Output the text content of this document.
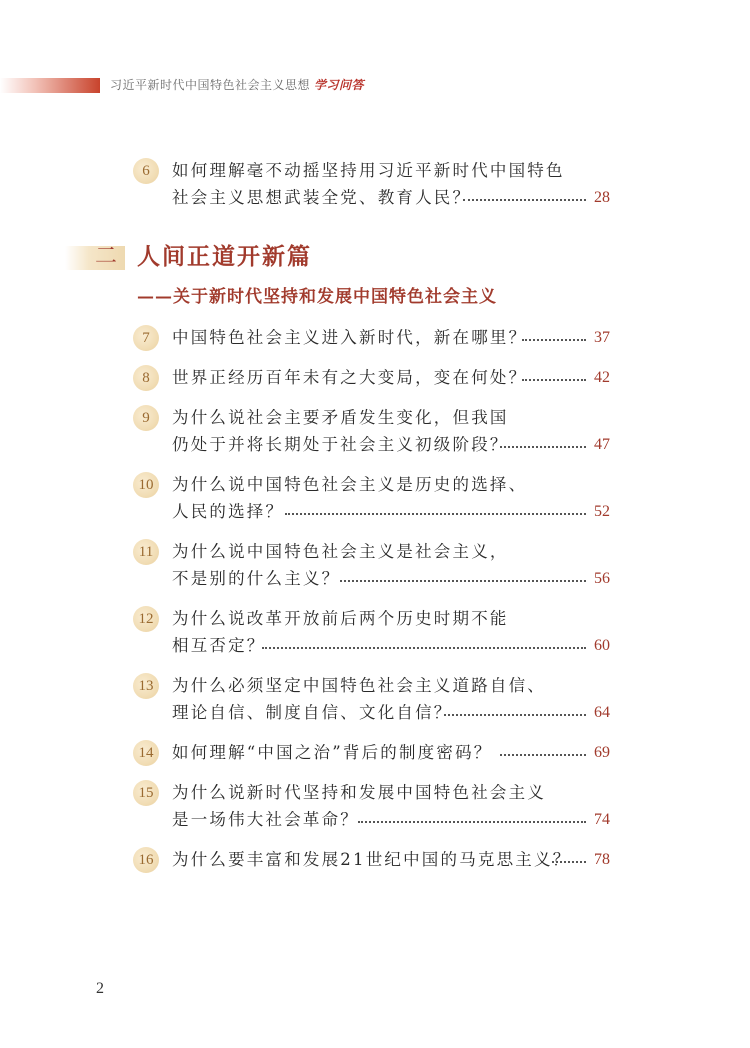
习近平新时代中国特色社会主义思想 学习问答
6	如何理解毫不动摇坚持用习近平新时代中国特色
社会主义思想武装全党、教育人民？	28
二 人间正道开新篇
——关于新时代坚持和发展中国特色社会主义
7	中国特色社会主义进入新时代，新在哪里？	37
8	世界正经历百年未有之大变局，变在何处？	42
9	为什么说社会主要矛盾发生变化，但我国
仍处于并将长期处于社会主义初级阶段？	47
10	为什么说中国特色社会主义是历史的选择、
人民的选择？	52
11	为什么说中国特色社会主义是社会主义，
不是别的什么主义？	56
12	为什么说改革开放前后两个历史时期不能
相互否定？	60
13	为什么必须坚定中国特色社会主义道路自信、
理论自信、制度自信、文化自信？	64
14	如何理解“中国之治”背后的制度密码？	69
15	为什么说新时代坚持和发展中国特色社会主义
是一场伟大社会革命？	74
16	为什么要丰富和发展21世纪中国的马克思主义？ 78
2
